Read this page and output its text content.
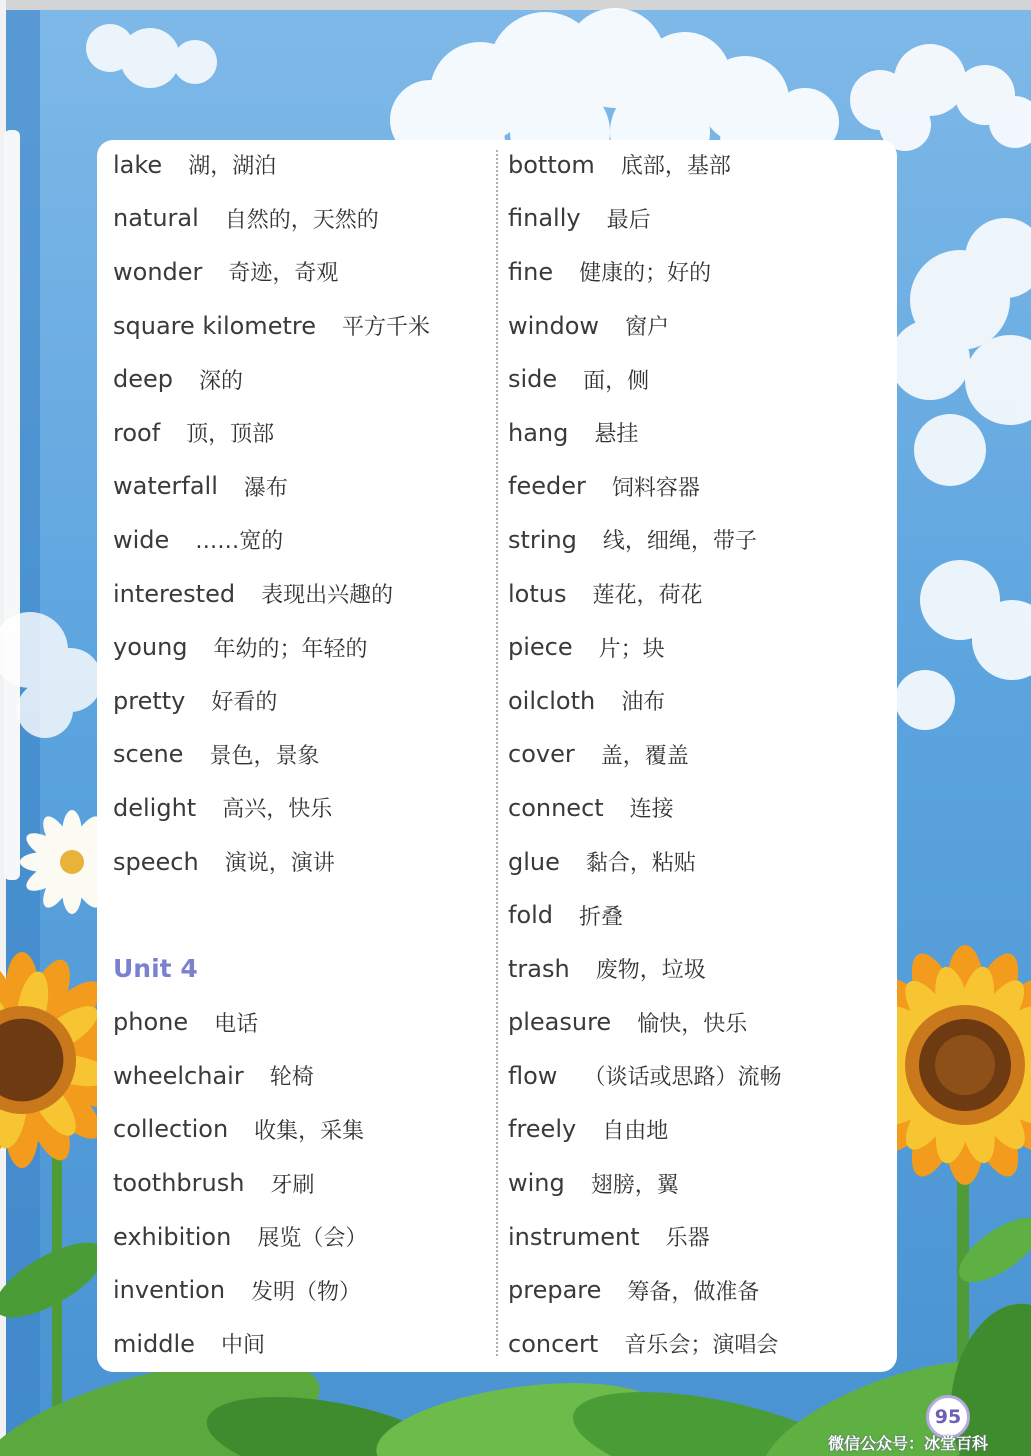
lake 湖，湖泊
natural 自然的，天然的
wonder 奇迹，奇观
square kilometre 平方千米
deep 深的
roof 顶，顶部
waterfall 瀑布
wide ……宽的
interested 表现出兴趣的
young 年幼的；年轻的
pretty 好看的
scene 景色，景象
delight 高兴，快乐
speech 演说，演讲
Unit 4
phone 电话
wheelchair 轮椅
collection 收集，采集
toothbrush 牙刷
exhibition 展览（会）
invention 发明（物）
middle 中间
bottom 底部，基部
finally 最后
fine 健康的；好的
window 窗户
side 面，侧
hang 悬挂
feeder 饲料容器
string 线，细绳，带子
lotus 莲花，荷花
piece 片；块
oilcloth 油布
cover 盖，覆盖
connect 连接
glue 黏合，粘贴
fold 折叠
trash 废物，垃圾
pleasure 愉快，快乐
flow （谈话或思路）流畅
freely 自由地
wing 翅膀，翼
instrument 乐器
prepare 筹备，做准备
concert 音乐会；演唱会
95
微信公众号：冰堂百科
